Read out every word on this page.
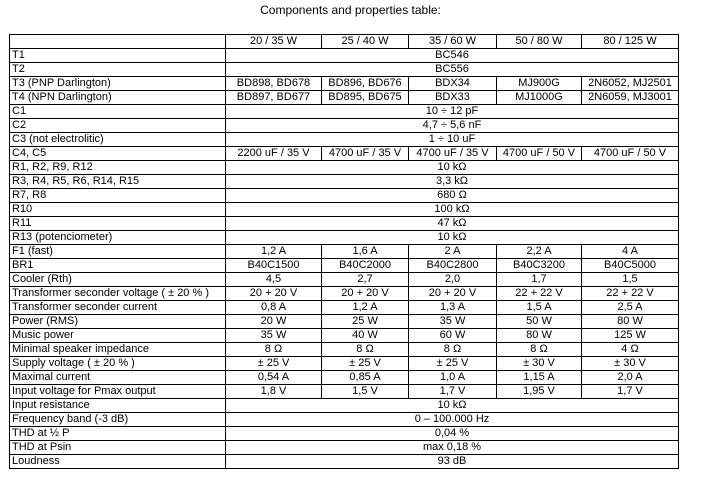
Components and properties table:
	20 / 35 W	25 / 40 W	35 / 60 W	50 / 80 W	80 / 125 W
T1	BC546				
T2	BC556				
T3 (PNP Darlington)	BD898, BD678	BD896, BD676	BDX34	MJ900G	2N6052, MJ2501
T4 (NPN Darlington)	BD897, BD677	BD895, BD675	BDX33	MJ1000G	2N6059, MJ3001
C1	10 ÷ 12 pF				
C2	4,7 ÷ 5,6 nF				
C3 (not electrolitic)	1 ÷ 10 uF				
C4, C5	2200 uF / 35 V	4700 uF / 35 V	4700 uF / 35 V	4700 uF / 50 V	4700 uF / 50 V
R1, R2, R9, R12	10 kΩ				
R3, R4, R5, R6, R14, R15	3,3 kΩ				
R7, R8	680 Ω				
R10	100 kΩ				
R11	47 kΩ				
R13 (potenciometer)	10 kΩ				
F1 (fast)	1,2 A	1,6 A	2 A	2,2 A	4 A
BR1	B40C1500	B40C2000	B40C2800	B40C3200	B40C5000
Cooler (Rth)	4,5	2,7	2,0	1,7	1,5
Transformer seconder voltage ( ± 20 % )	20 + 20 V	20 + 20 V	20 + 20 V	22 + 22 V	22 + 22 V
Transformer seconder current	0,8 A	1,2 A	1,3 A	1,5 A	2,5 A
Power (RMS)	20 W	25 W	35 W	50 W	80 W
Music power	35 W	40 W	60 W	80 W	125 W
Minimal speaker impedance	8 Ω	8 Ω	8 Ω	8 Ω	4 Ω
Supply voltage ( ± 20 % )	± 25 V	± 25 V	± 25 V	± 30 V	± 30 V
Maximal current	0,54 A	0,85 A	1,0 A	1,15 A	2,0 A
Input voltage for Pmax output	1,8 V	1,5 V	1,7 V	1,95 V	1,7 V
Input resistance	10 kΩ				
Frequency band (-3 dB)	0 – 100.000 Hz				
THD at ½ P	0,04 %				
THD at Psin	max 0,18 %				
Loudness	93 dB				
